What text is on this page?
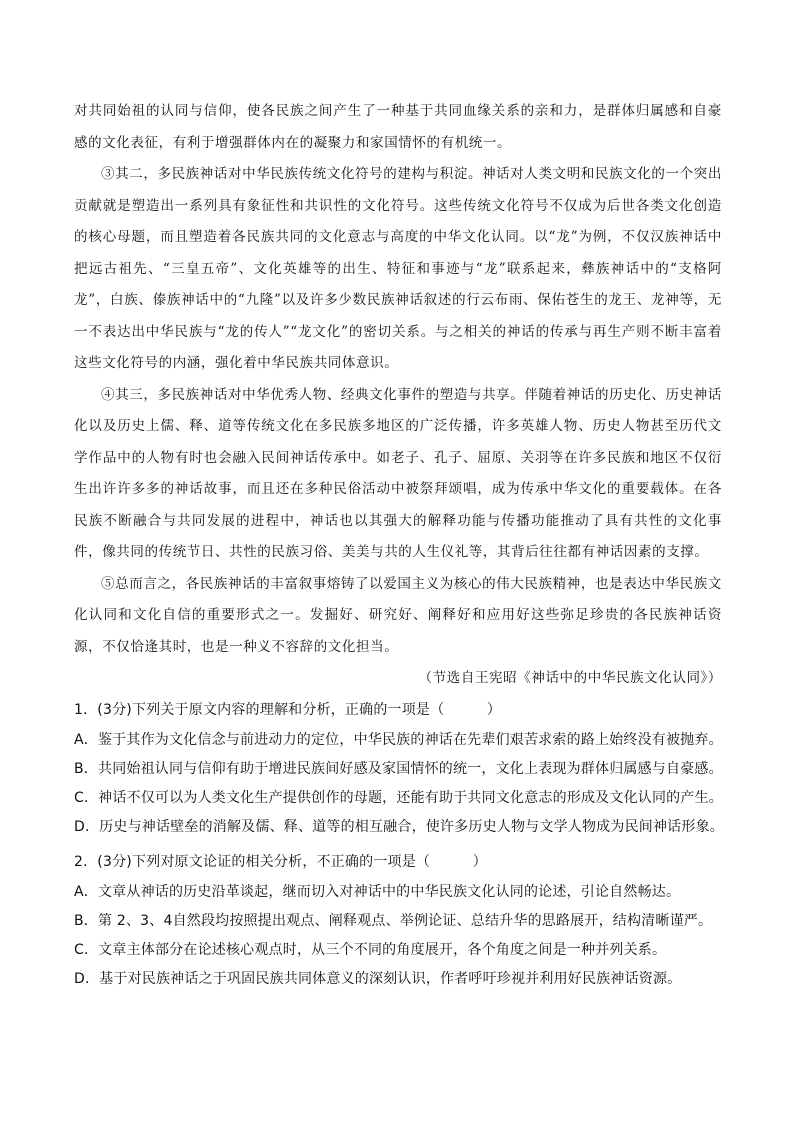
对共同始祖的认同与信仰，使各民族之间产生了一种基于共同血缘关系的亲和力，是群体归属感和自豪感的文化表征，有利于增强群体内在的凝聚力和家国情怀的有机统一。

③其二，多民族神话对中华民族传统文化符号的建构与积淀。神话对人类文明和民族文化的一个突出贡献就是塑造出一系列具有象征性和共识性的文化符号。这些传统文化符号不仅成为后世各类文化创造的核心母题，而且塑造着各民族共同的文化意志与高度的中华文化认同。以“龙”为例，不仅汉族神话中把远古祖先、“三皇五帝”、文化英雄等的出生、特征和事迹与“龙”联系起来，彝族神话中的“支格阿龙”，白族、傣族神话中的“九隆”以及许多少数民族神话叙述的行云布雨、保佑苍生的龙王、龙神等，无一不表达出中华民族与“龙的传人”“龙文化”的密切关系。与之相关的神话的传承与再生产则不断丰富着这些文化符号的内涵，强化着中华民族共同体意识。

④其三，多民族神话对中华优秀人物、经典文化事件的塑造与共享。伴随着神话的历史化、历史神话化以及历史上儒、释、道等传统文化在多民族多地区的广泛传播，许多英雄人物、历史人物甚至历代文学作品中的人物有时也会融入民间神话传承中。如老子、孔子、屈原、关羽等在许多民族和地区不仅衍生出许许多多的神话故事，而且还在多种民俗活动中被祭拜颂唱，成为传承中华文化的重要载体。在各民族不断融合与共同发展的进程中，神话也以其强大的解释功能与传播功能推动了具有共性的文化事件，像共同的传统节日、共性的民族习俗、美美与共的人生仪礼等，其背后往往都有神话因素的支撑。

⑤总而言之，各民族神话的丰富叙事熔铸了以爱国主义为核心的伟大民族精神，也是表达中华民族文化认同和文化自信的重要形式之一。发掘好、研究好、阐释好和应用好这些弥足珍贵的各民族神话资源，不仅恰逢其时，也是一种义不容辞的文化担当。

（节选自王宪昭《神话中的中华民族文化认同》）

1．(3分)下列关于原文内容的理解和分析，正确的一项是（　　　）
A．鉴于其作为文化信念与前进动力的定位，中华民族的神话在先辈们艰苦求索的路上始终没有被抛弃。
B．共同始祖认同与信仰有助于增进民族间好感及家国情怀的统一，文化上表现为群体归属感与自豪感。
C．神话不仅可以为人类文化生产提供创作的母题，还能有助于共同文化意志的形成及文化认同的产生。
D．历史与神话壁垒的消解及儒、释、道等的相互融合，使许多历史人物与文学人物成为民间神话形象。
2．(3分)下列对原文论证的相关分析，不正确的一项是（　　　）
A．文章从神话的历史沿革谈起，继而切入对神话中的中华民族文化认同的论述，引论自然畅达。
B．第 2、3、4自然段均按照提出观点、阐释观点、举例论证、总结升华的思路展开，结构清晰谨严。
C．文章主体部分在论述核心观点时，从三个不同的角度展开，各个角度之间是一种并列关系。
D．基于对民族神话之于巩固民族共同体意义的深刻认识，作者呼吁珍视并利用好民族神话资源。
